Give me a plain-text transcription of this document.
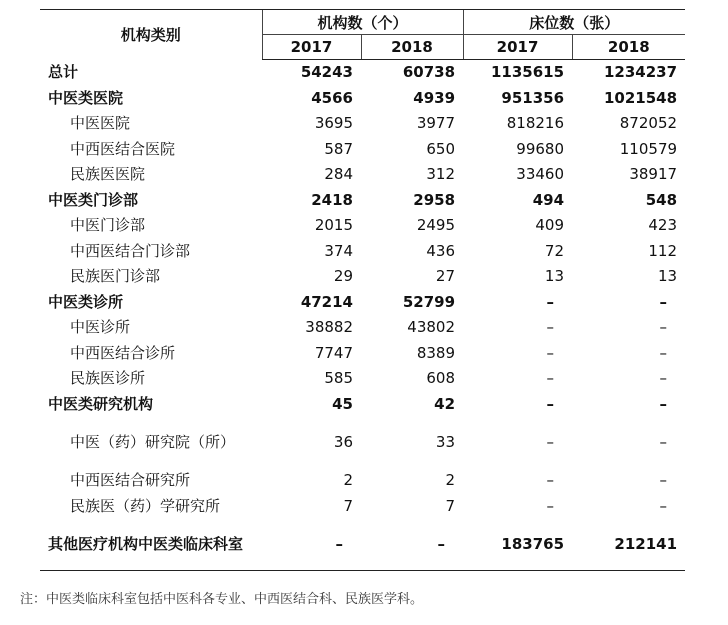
机构类别	机构数（个）		床位数（张）	
	2017	2018	2017	2018
总计	54243	60738	1135615	1234237
中医类医院	4566	4939	951356	1021548
中医医院	3695	3977	818216	872052
中西医结合医院	587	650	99680	110579
民族医医院	284	312	33460	38917
中医类门诊部	2418	2958	494	548
中医门诊部	2015	2495	409	423
中西医结合门诊部	374	436	72	112
民族医门诊部	29	27	13	13
中医类诊所	47214	52799	–	–
中医诊所	38882	43802	–	–
中西医结合诊所	7747	8389	–	–
民族医诊所	585	608	–	–
中医类研究机构	45	42	–	–
中医（药）研究院（所）	36	33	–	–
中西医结合研究所	2	2	–	–
民族医（药）学研究所	7	7	–	–
其他医疗机构中医类临床科室	–	–	183765	212141
注：中医类临床科室包括中医科各专业、中西医结合科、民族医学科。
